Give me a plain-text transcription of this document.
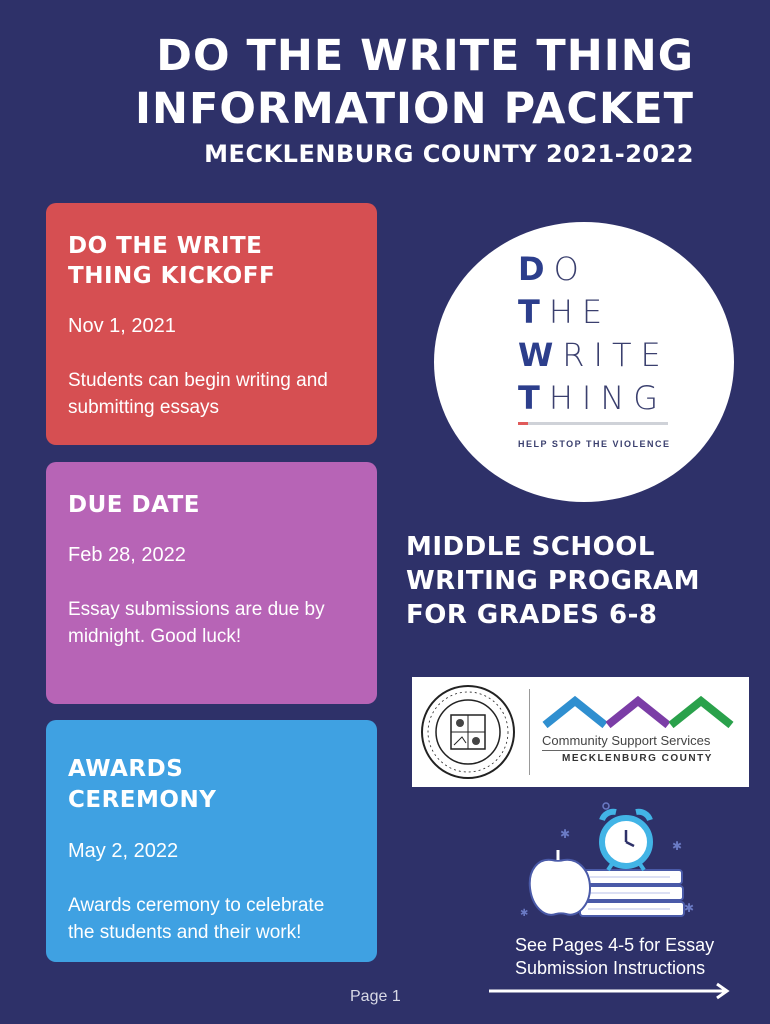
DO THE WRITE THING
INFORMATION PACKET
MECKLENBURG COUNTY 2021-2022
DO THE WRITE
THING KICKOFF
Nov 1, 2021
Students can begin writing and
submitting essays
DUE DATE
Feb 28, 2022
Essay submissions are due by
midnight. Good luck!
AWARDS
CEREMONY
May 2, 2022
Awards ceremony to celebrate
the students and their work!
DO
THE
WRITE
THING
HELP STOP THE VIOLENCE
MIDDLE SCHOOL
WRITING PROGRAM
FOR GRADES 6-8
Community Support Services
MECKLENBURG COUNTY
✱
✱
✱
✱
See Pages 4-5 for Essay
Submission Instructions
Page 1
